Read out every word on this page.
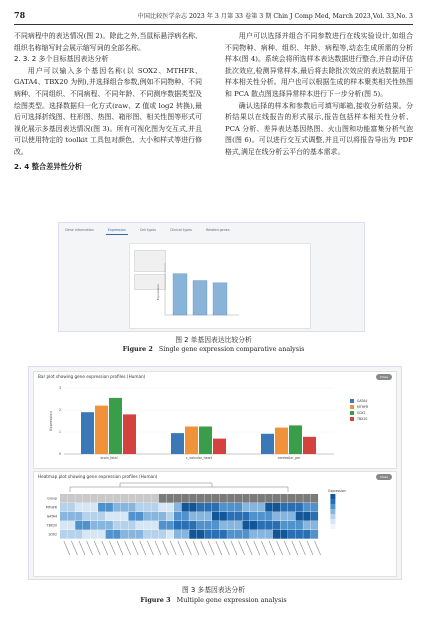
78	中国比较医学杂志 2023 年 3 月第 33 卷第 3 期 Chin J Comp Med, March 2023,Vol. 33,No. 3

不同病程中的表达情况(图 2)。除此之外,当鼠标悬浮病名称、组织名称缩写时会展示缩写词的全部名称。

2. 3. 2 多个目标基因表达分析

用户可以输入多个基因名称(以 SOX2、MTHFR、GATA4、TBX20 为例),并选择组合参数,例如不同物种、不同病种、不同组织、不同病程、不同年龄、不同测序数据类型及绘图类型。选择数据归一化方式(raw、Z 值或 log2 转换),最后可选择折线图、柱形图、热图、箱形图、相关性图等形式可视化展示多基因表达情况(图 3)。所有可视化图为交互式,并且可以使用特定的 toolkit 工具包对颜色、大小和样式等进行修改。

2. 4 整合差异性分析

用户可以选择并组合不同参数进行在线实验设计,如组合不同物种、病种、组织、年龄、病程等,动态生成所需的分析样本(图 4)。系统会将所选样本表达数据进行整合,并自动评估批次效应,检测异常样本,最后将去除批次效应的表达数据用于样本相关性分析。用户也可以根据生成的样本聚类相关性热图和 PCA 散点图选择异常样本进行下一步分析(图 5)。

确认选择的样本和参数后可填写邮箱,接收分析结果。分析结果以在线报告的形式展示,报告包括样本相关性分析、PCA 分析、差异表达基因热图、火山图和功能富集分析气泡图(图 6)。可以进行交互式调整,并且可以将报告导出为 PDF 格式,满足在线分析云平台的基本需求。

Gene information	Expression	Cell types	Clinical types	Related genes
Expression
图 2 单基因表达比较分析
Figure 2 Single gene expression comparative analysis
Bar plot showing gene expression profiles (Human)	Close
0
1
2
3
Expression
brain_fetal	c_valvular_heart	cerebellar_per
GATA4
MTHFR
SOX2
TBX20
Heatmap plot showing gene expression profiles (Human)	Close
Group
MTHFR
GATA4
TBX20
SOX2
Expression
图 3 多基因表达分析
Figure 3 Multiple gene expression analysis
